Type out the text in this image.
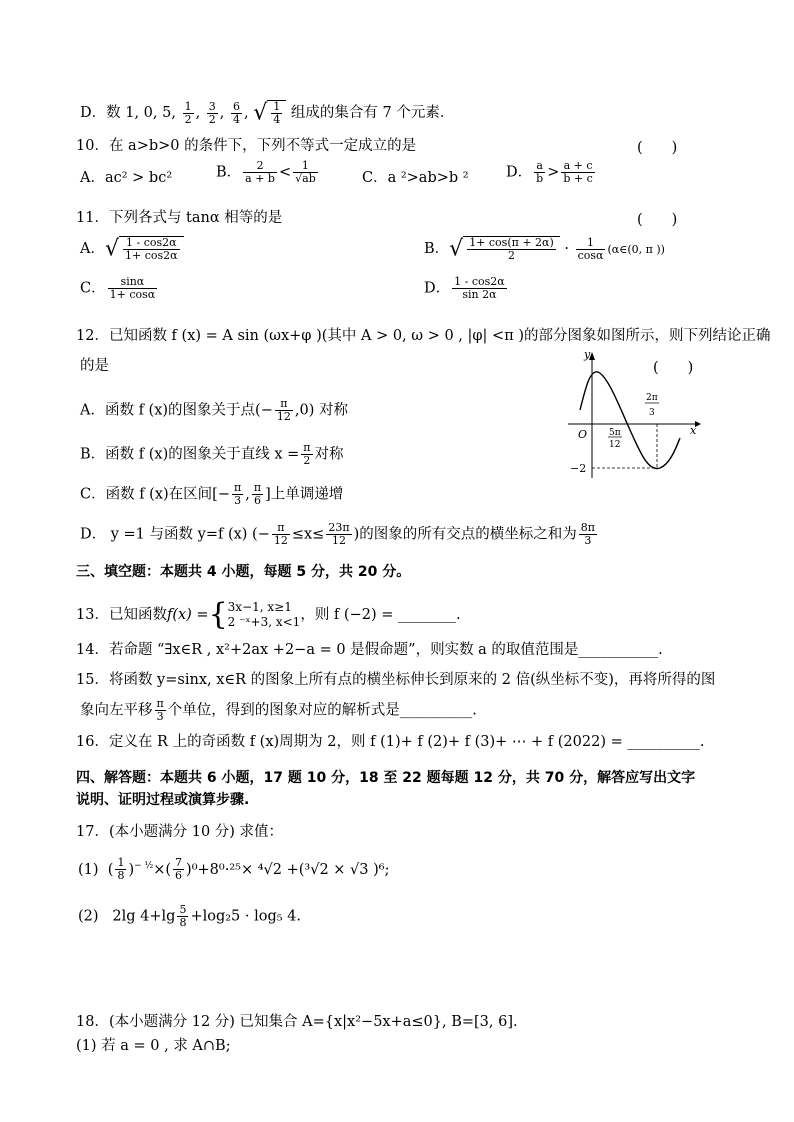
D．数 1, 0, 5, $\frac{1}{2}$ , $\frac{3}{2}$ , $\frac{6}{4}$ , √ $\frac{1}{4}$ 组成的集合有 7 个元素．
10．在 a>b>0 的条件下，下列不等式一定成立的是	(　　)
A．ac² > bc²	B． $\frac{2}{a + b} < \frac{1}{√ab}$	C．a ²>ab>b ²	D． $\frac{a}{b} > \frac{a + c}{b + c}$
11．下列各式与 tanα 相等的是	(　　)
A．√ $\frac{1 - \cos 2\alpha}{1+ \cos 2\alpha}$	B．√ $\frac{1+ \cos(\pi + 2\alpha)}{2} \cdot \frac{1}{\cos\alpha}$ (α∈(0, π ))
C． $\frac{\sin\alpha}{1+ \cos\alpha}$	D． $\frac{1 - \cos 2\alpha}{\sin 2\alpha}$
12．已知函数 f (x) = A sin (ωx+φ )(其中 A > 0, ω > 0 , |φ| <π )的部分图象如图所示，则下列结论正确
的是	(　　)
A．函数 f (x)的图象关于点(− $\frac{\pi}{12} ,0$) 对称
B．函数 f (x)的图象关于直线 $x = \frac{\pi}{2}$ 对称
C．函数 f (x)在区间[− $\frac{\pi}{3}$ , $\frac{\pi}{6}$ ]上单调递增
D． y =1 与函数 y=f (x) (− $\frac{\pi}{12} \le x\le \frac{23\pi}{12}$ )的图象的所有交点的横坐标之和为 $\frac{8\pi}{3}$
y
x
O 5π
12
2π
3
−2
三、填空题：本题共 4 小题，每题 5 分，共 20 分。
13．已知函数f(x) ={ 3x−1, x≥1
2 ⁻ˣ+3, x<1 ，则 f (−2) = ________.
14．若命题 “∃x∈R , x²+2ax +2−a = 0 是假命题”，则实数 a 的取值范围是___________.
15．将函数 y=sinx, x∈R 的图象上所有点的横坐标伸长到原来的 2 倍(纵坐标不变)，再将所得的图
象向左平移 $\frac{\pi}{3}$ 个单位，得到的图象对应的解析式是__________.
16．定义在 R 上的奇函数 f (x)周期为 2，则 f (1)+ f (2)+ f (3)+ ⋯ + f (2022) = __________.
四、解答题：本题共 6 小题，17 题 10 分，18 至 22 题每题 12 分，共 70 分，解答应写出文字
说明、证明过程或演算步骤.
17．(本小题满分 10 分) 求值：
(1)  ( $\frac{1}{8} )^{- \frac{1}{2}}\times( \frac{7}{6} )^0+8^0\cdot^{25}\times ^4√2 +(^3√2 \times √3$ )⁶;
(2) 2lg $4+\lg \frac{5}{8} +\log_25 \cdot \log_5$ 4.
18．(本小题满分 12 分) 已知集合 A={x|x²−5x+a≤0}, B=[3, 6].
(1) 若 a = 0 , 求 A∩B;
